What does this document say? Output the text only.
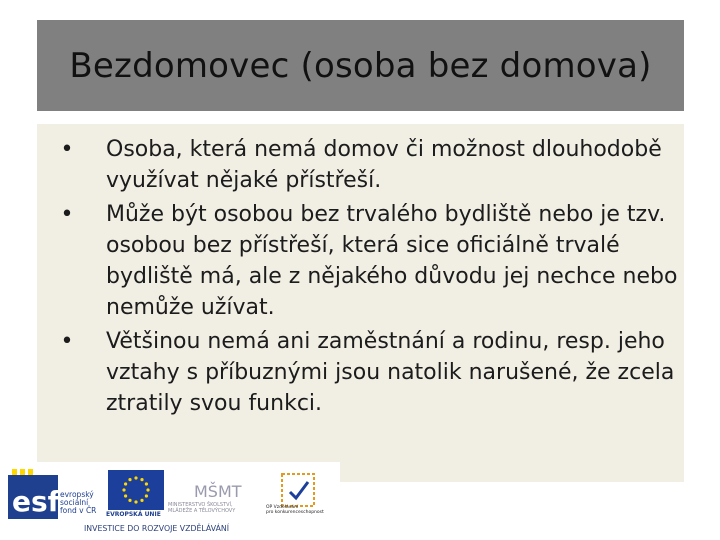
Bezdomovec (osoba bez domova)
• Osoba, která nemá domov či možnost dlouhodobě využívat nějaké přístřeší.
• Může být osobou bez trvalého bydliště nebo je tzv. osobou bez přístřeší, která sice oficiálně trvalé bydliště má, ale z nějakého důvodu jej nechce nebo nemůže užívat.
• Většinou nemá ani zaměstnání a rodinu, resp. jeho vztahy s příbuznými jsou natolik narušené, že zcela ztratily svou funkci.
esf evropský
sociální
fond v ČR EVROPSKÁ UNIE
MŠMT
MINISTERSTVO ŠKOLSTVÍ,
MLÁDEŽE A TĚLOVÝCHOVY
OP Vzdělávání
pro konkurenceschopnost
INVESTICE DO ROZVOJE VZDĚLÁVÁNÍ
